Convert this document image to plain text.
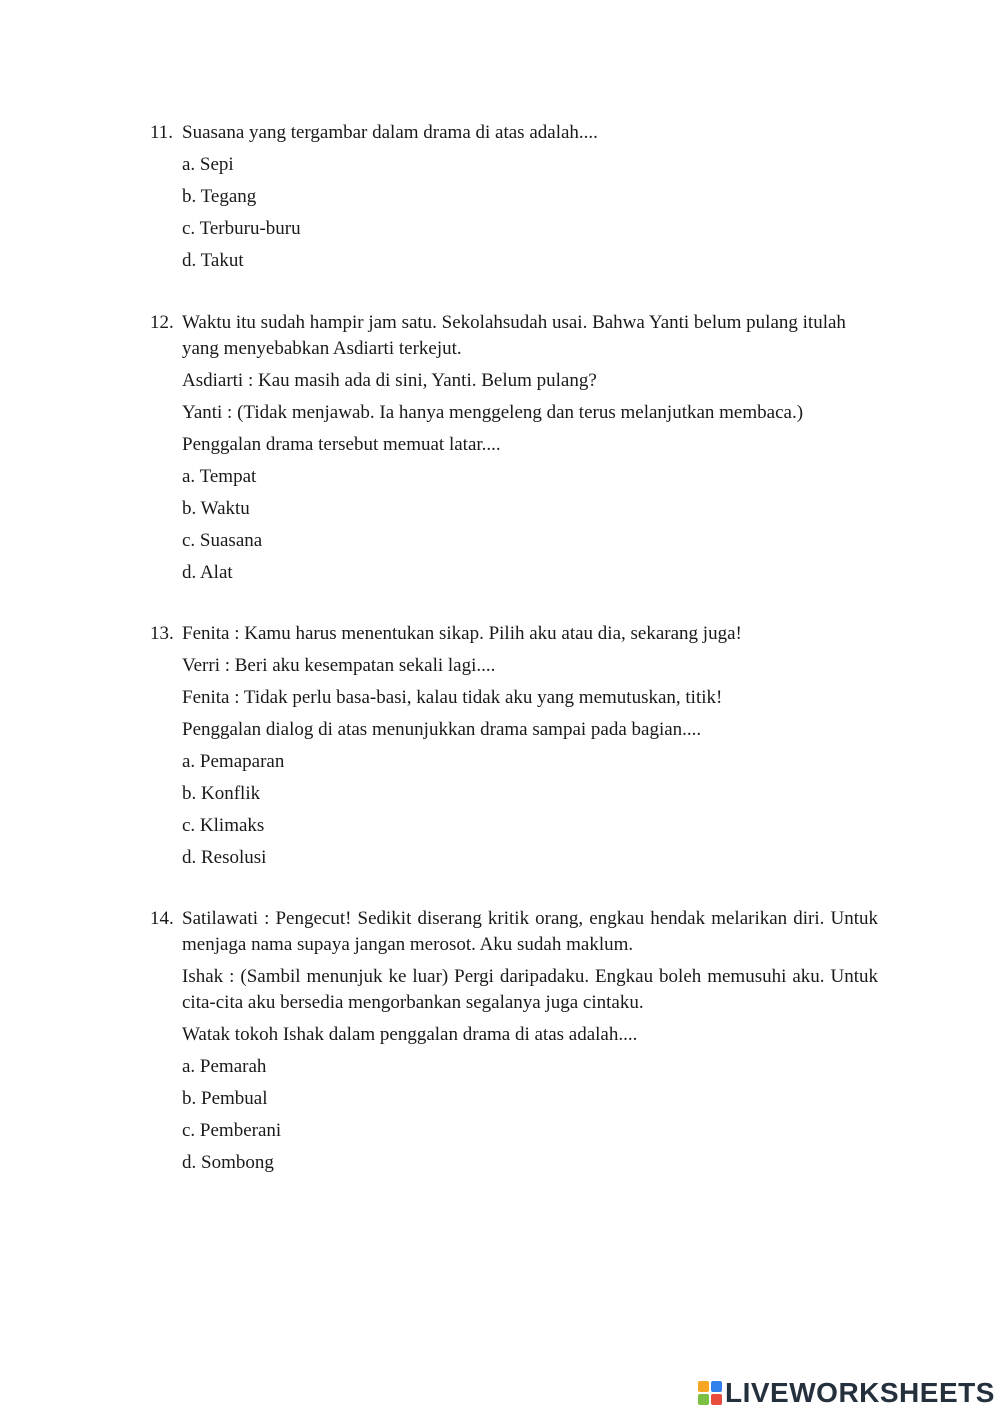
11. Suasana yang tergambar dalam drama di atas adalah....
a. Sepi
b. Tegang
c. Terburu-buru
d. Takut
12. Waktu itu sudah hampir jam satu. Sekolahsudah usai. Bahwa Yanti belum pulang itulah yang menyebabkan Asdiarti terkejut.
Asdiarti : Kau masih ada di sini, Yanti. Belum pulang?
Yanti : (Tidak menjawab. Ia hanya menggeleng dan terus melanjutkan membaca.)
Penggalan drama tersebut memuat latar....
a. Tempat
b. Waktu
c. Suasana
d. Alat
13. Fenita : Kamu harus menentukan sikap. Pilih aku atau dia, sekarang juga!
Verri : Beri aku kesempatan sekali lagi....
Fenita : Tidak perlu basa-basi, kalau tidak aku yang memutuskan, titik!
Penggalan dialog di atas menunjukkan drama sampai pada bagian....
a. Pemaparan
b. Konflik
c. Klimaks
d. Resolusi
14. Satilawati : Pengecut! Sedikit diserang kritik orang, engkau hendak melarikan diri. Untuk menjaga nama supaya jangan merosot. Aku sudah maklum.
Ishak : (Sambil menunjuk ke luar) Pergi daripadaku. Engkau boleh memusuhi aku. Untuk cita-cita aku bersedia mengorbankan segalanya juga cintaku.
Watak tokoh Ishak dalam penggalan drama di atas adalah....
a. Pemarah
b. Pembual
c. Pemberani
d. Sombong
LIVEWORKSHEETS
